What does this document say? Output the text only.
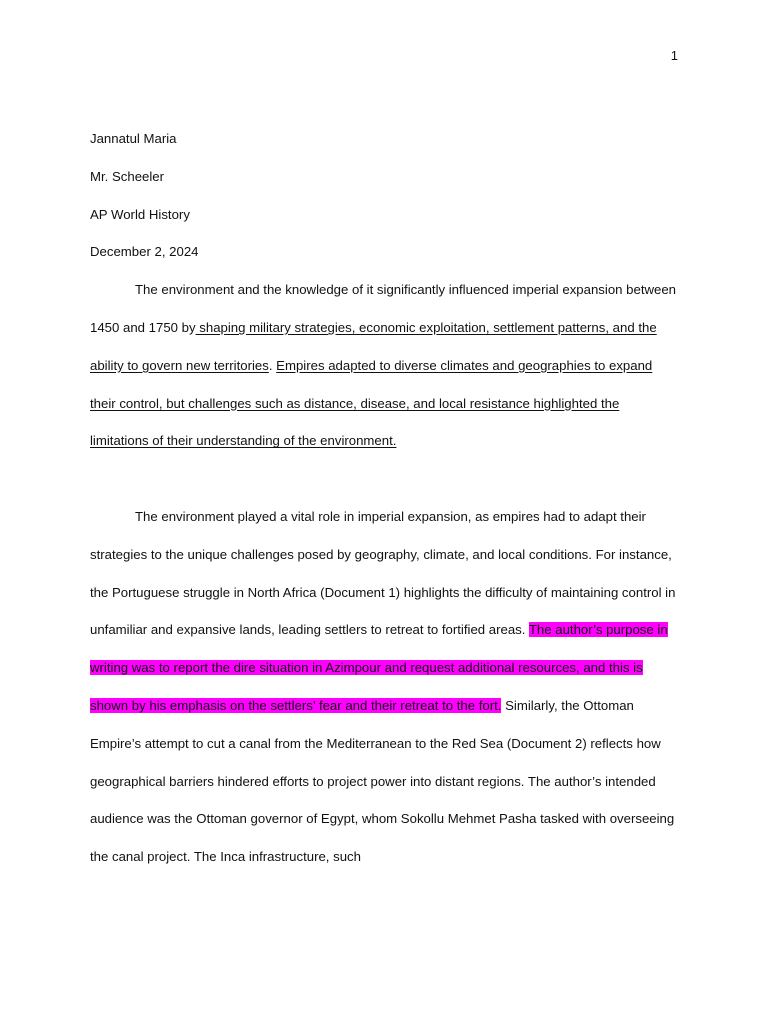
1
Jannatul Maria
Mr. Scheeler
AP World History
December 2, 2024

The environment and the knowledge of it significantly influenced imperial expansion between 1450 and 1750 by shaping military strategies, economic exploitation, settlement patterns, and the ability to govern new territories. Empires adapted to diverse climates and geographies to expand their control, but challenges such as distance, disease, and local resistance highlighted the limitations of their understanding of the environment.

The environment played a vital role in imperial expansion, as empires had to adapt their strategies to the unique challenges posed by geography, climate, and local conditions. For instance, the Portuguese struggle in North Africa (Document 1) highlights the difficulty of maintaining control in unfamiliar and expansive lands, leading settlers to retreat to fortified areas. The author’s purpose in writing was to report the dire situation in Azimpour and request additional resources, and this is shown by his emphasis on the settlers’ fear and their retreat to the fort. Similarly, the Ottoman Empire’s attempt to cut a canal from the Mediterranean to the Red Sea (Document 2) reflects how geographical barriers hindered efforts to project power into distant regions. The author’s intended audience was the Ottoman governor of Egypt, whom Sokollu Mehmet Pasha tasked with overseeing the canal project. The Inca infrastructure, such
